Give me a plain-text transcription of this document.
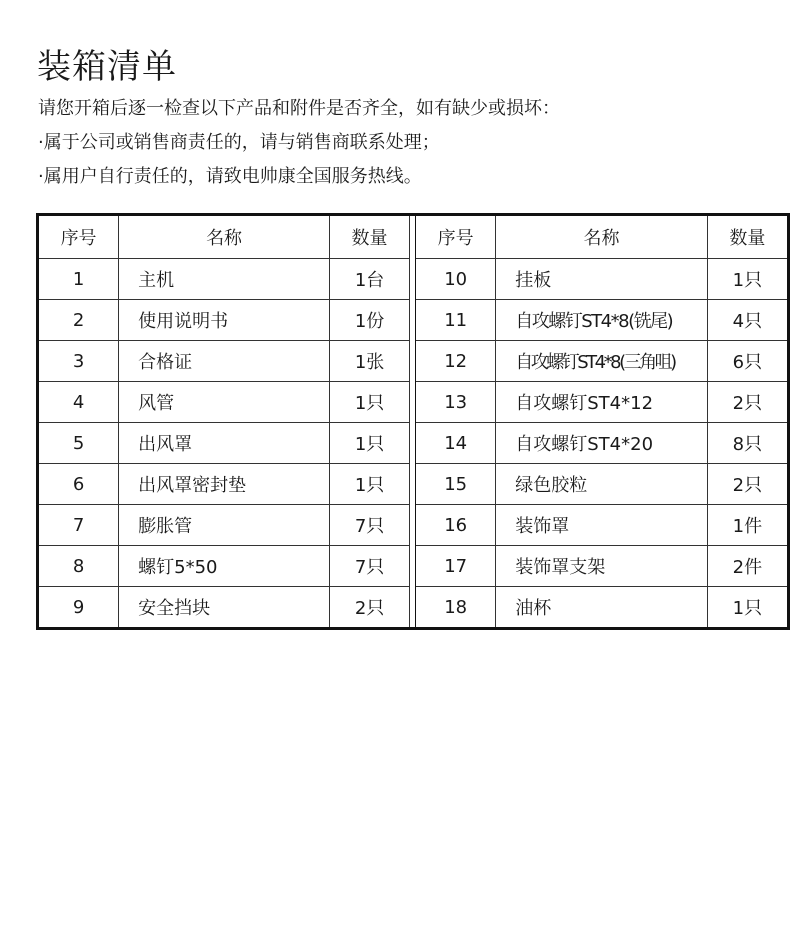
装箱清单
请您开箱后逐一检查以下产品和附件是否齐全，如有缺少或损坏：
·属于公司或销售商责任的，请与销售商联系处理；
·属用户自行责任的，请致电帅康全国服务热线。
序号	名称	数量		序号	名称	数量
1	主机	1台		10	挂板	1只
2	使用说明书	1份		11	自攻螺钉ST4*8(铣尾)	4只
3	合格证	1张		12	自攻螺钉ST4*8(三角咀)	6只
4	风管	1只		13	自攻螺钉ST4*12	2只
5	出风罩	1只		14	自攻螺钉ST4*20	8只
6	出风罩密封垫	1只		15	绿色胶粒	2只
7	膨胀管	7只		16	装饰罩	1件
8	螺钉5*50	7只		17	装饰罩支架	2件
9	安全挡块	2只		18	油杯	1只
